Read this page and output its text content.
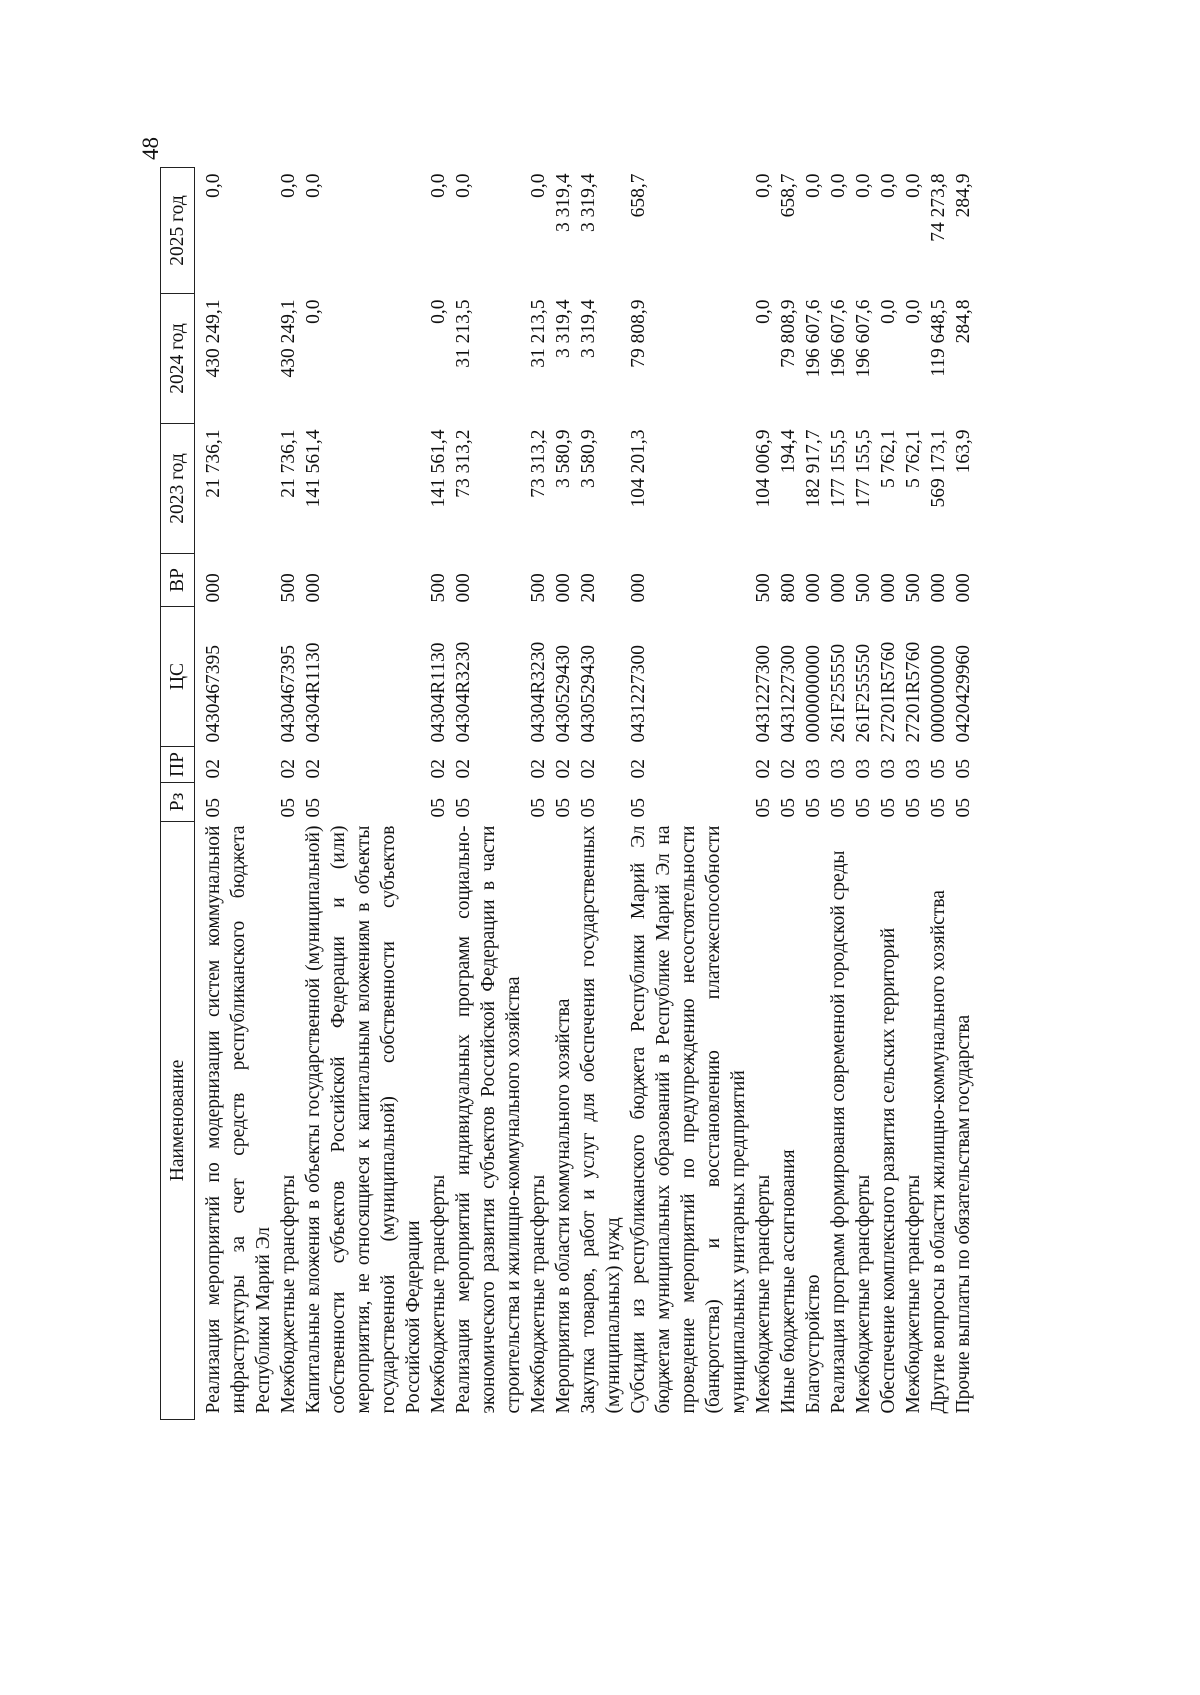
48
Наименование	Рз	ПР	ЦС	ВР	2023 год	2024 год	2025 год
Реализация мероприятий по модернизации систем коммунальной инфраструктуры за счет средств республиканского бюджета Республики Марий Эл	05	02	0430467395	000	21 736,1	430 249,1	0,0
Межбюджетные трансферты	05	02	0430467395	500	21 736,1	430 249,1	0,0
Капитальные вложения в объекты государственной (муниципальной) собственности субъектов Российской Федерации и (или) мероприятия, не относящиеся к капитальным вложениям в объекты государственной (муниципальной) собственности субъектов Российской Федерации	05	02	04304R1130	000	141 561,4	0,0	0,0
Межбюджетные трансферты	05	02	04304R1130	500	141 561,4	0,0	0,0
Реализация мероприятий индивидуальных программ социально-экономического развития субъектов Российской Федерации в части строительства и жилищно-коммунального хозяйства	05	02	04304R3230	000	73 313,2	31 213,5	0,0
Межбюджетные трансферты	05	02	04304R3230	500	73 313,2	31 213,5	0,0
Мероприятия в области коммунального хозяйства	05	02	0430529430	000	3 580,9	3 319,4	3 319,4
Закупка товаров, работ и услуг для обеспечения государственных (муниципальных) нужд	05	02	0430529430	200	3 580,9	3 319,4	3 319,4
Субсидии из республиканского бюджета Республики Марий Эл бюджетам муниципальных образований в Республике Марий Эл на проведение мероприятий по предупреждению несостоятельности (банкротства) и восстановлению платежеспособности муниципальных унитарных предприятий	05	02	0431227300	000	104 201,3	79 808,9	658,7
Межбюджетные трансферты	05	02	0431227300	500	104 006,9	0,0	0,0
Иные бюджетные ассигнования	05	02	0431227300	800	194,4	79 808,9	658,7
Благоустройство	05	03	0000000000	000	182 917,7	196 607,6	0,0
Реализация программ формирования современной городской среды	05	03	261F255550	000	177 155,5	196 607,6	0,0
Межбюджетные трансферты	05	03	261F255550	500	177 155,5	196 607,6	0,0
Обеспечение комплексного развития сельских территорий	05	03	27201R5760	000	5 762,1	0,0	0,0
Межбюджетные трансферты	05	03	27201R5760	500	5 762,1	0,0	0,0
Другие вопросы в области жилищно-коммунального хозяйства	05	05	0000000000	000	569 173,1	119 648,5	74 273,8
Прочие выплаты по обязательствам государства	05	05	0420429960	000	163,9	284,8	284,9
